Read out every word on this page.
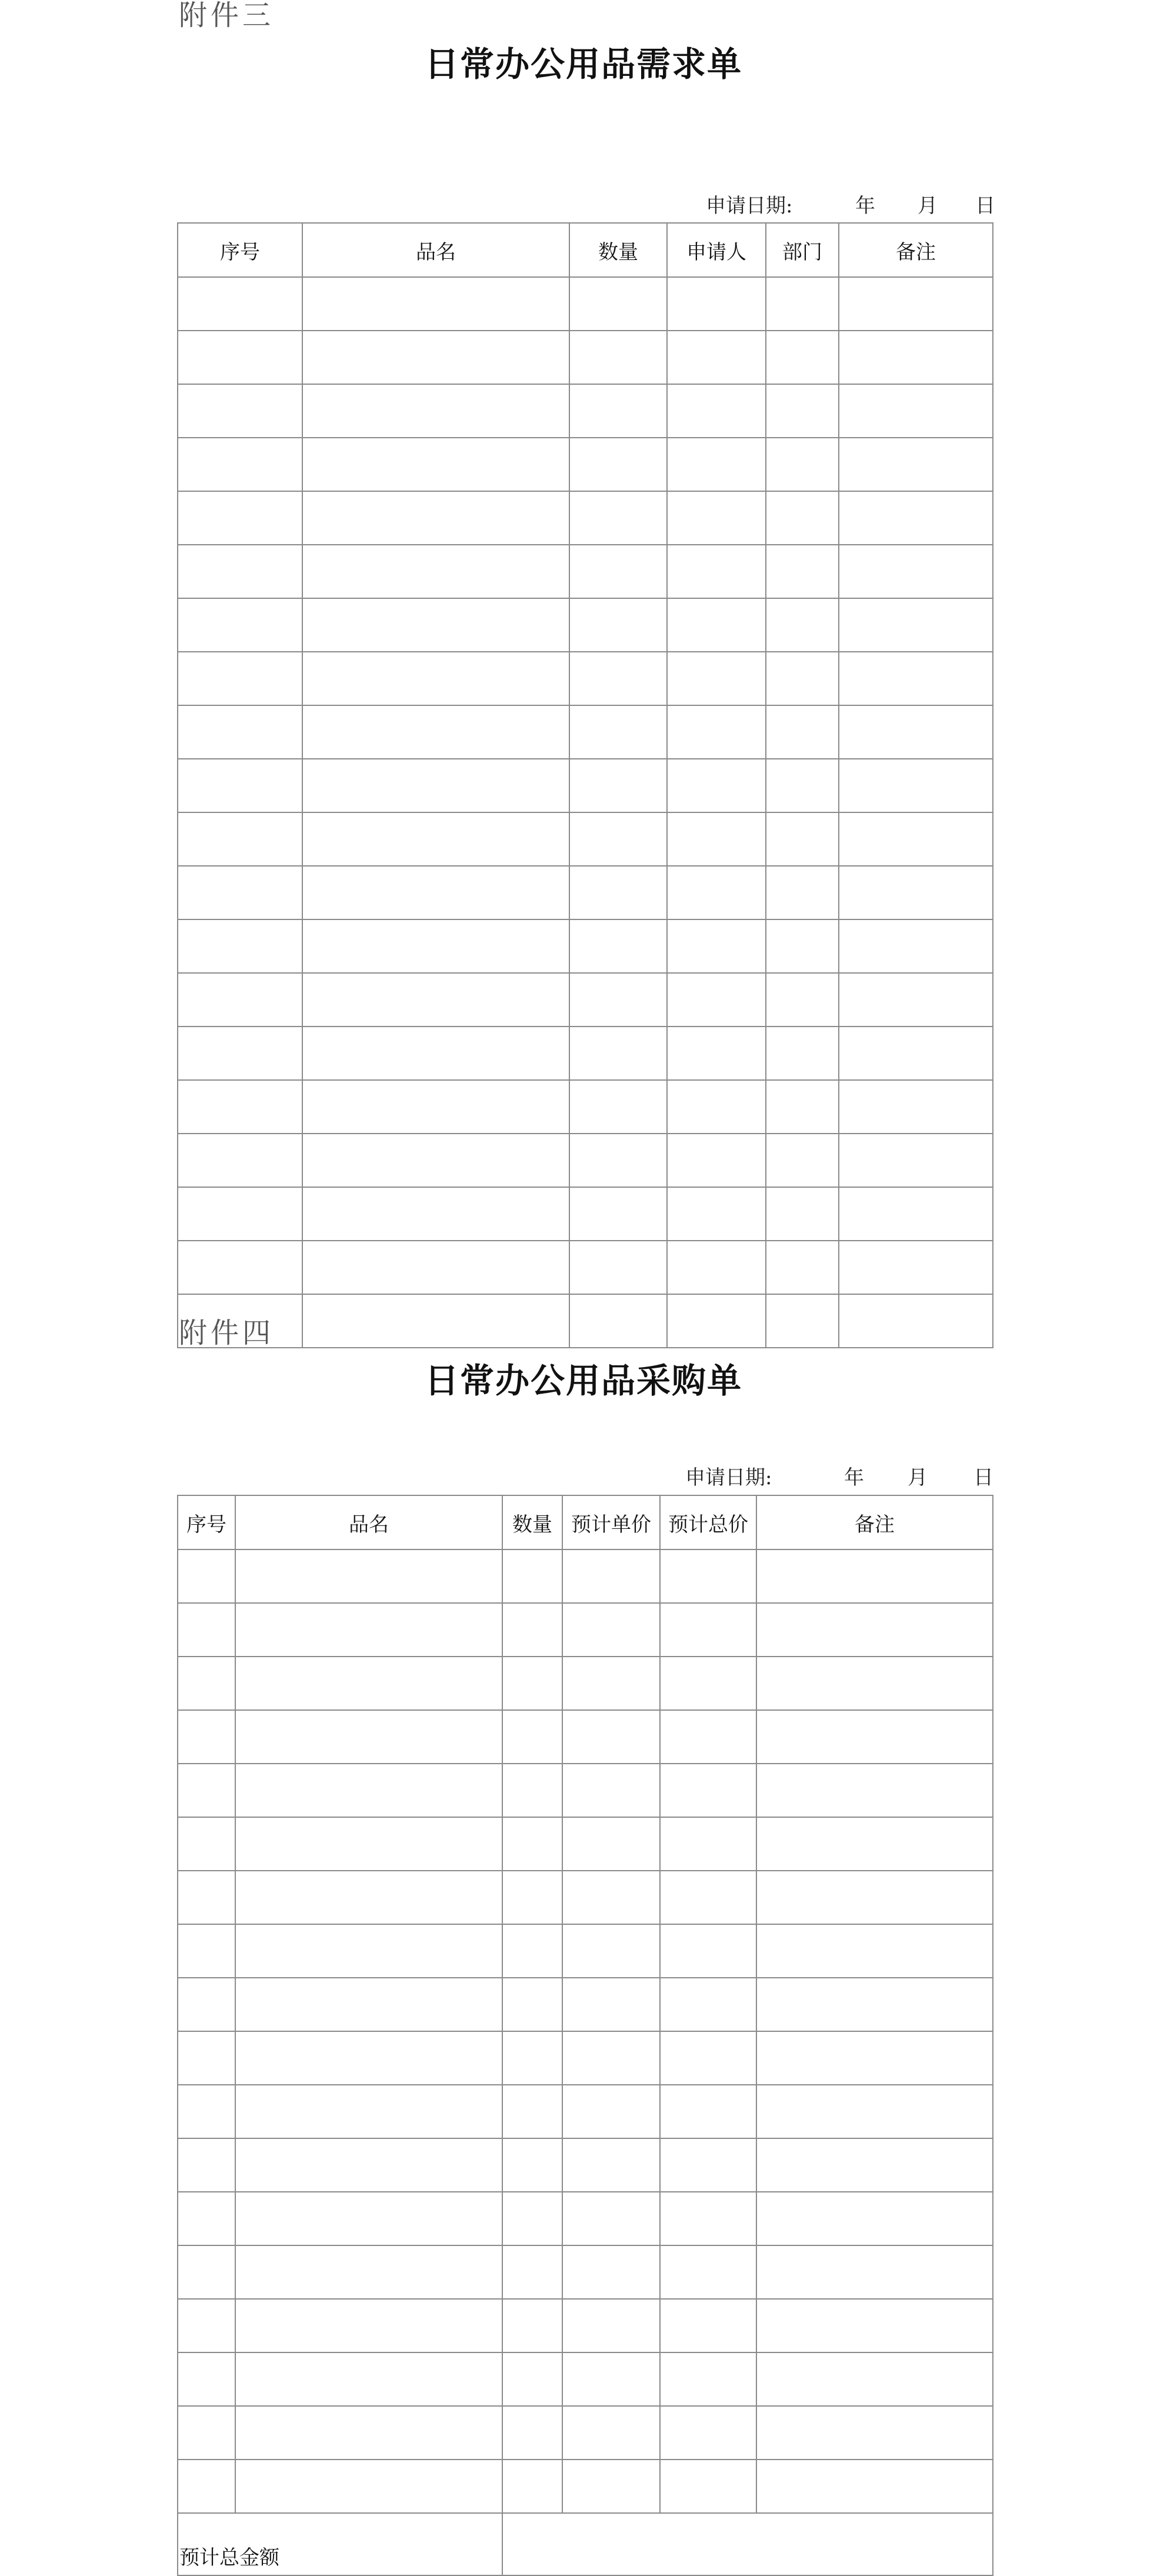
附件三
日常办公用品需求单
申请日期:	年 月 日
序号	品名	数量	申请人	部门	备注

附件四
日常办公用品采购单
申请日期:	年 月 日
序号	品名	数量	预计单价	预计总价	备注

预计总金额					
